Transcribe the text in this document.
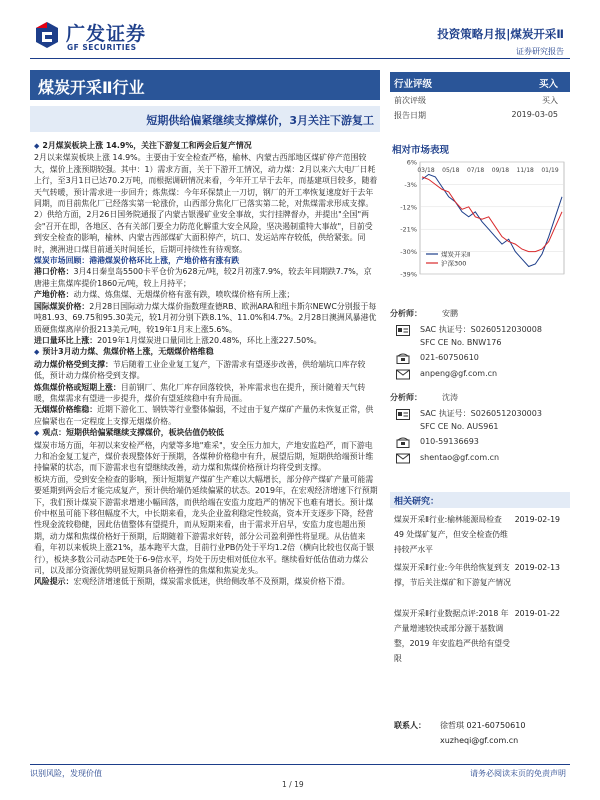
广发证券
GF SECURITIES
投资策略月报|煤炭开采Ⅱ
证券研究报告
煤炭开采Ⅱ行业
短期供给偏紧继续支撑煤价，3月关注下游复工

◆ 2月煤炭板块上涨 14.9%，关注下游复工和两会后复产情况

2月以来煤炭板块上涨 14.9%。主要由于安全检查严格，榆林、内蒙古西部地区煤矿停产范围较大，煤价上涨预期较强。其中：1）需求方面，关于下游开工情况，动力煤：2月以来六大电厂日耗上行，至3月1日已达70.2万吨，而根据调研情况来看，今年开工早于去年，而基建项目较多，随着天气转暖，预计需求进一步回升；炼焦煤：今年环保禁止一刀切，钢厂的开工率恢复速度好于去年同期，而目前焦化厂已经落实第一轮涨价，山西部分焦化厂已落实第二轮，对焦煤需求形成支撑。2）供给方面，2月26日国务院通报了内蒙古银漫矿业安全事故，实行挂牌督办，并提出"全国"两会"召开在即，各地区、各有关部门要全力防范化解重大安全风险，坚决遏制重特大事故"，目前受到安全检查的影响，榆林、内蒙古西部煤矿大面积停产，坑口、发运站库存较低，供给紧张。同时，澳洲进口煤目前通关时间延长，后期可持续性有待观察。

煤炭市场回顾：港港煤炭价格环比上涨，产地价格有涨有跌

港口价格：3月4日秦皇岛5500卡平仓价为628元/吨，较2月初涨7.9%，较去年同期跌7.7%，京唐港主焦煤库提价1860元/吨，较上月持平；

产地价格：动力煤、炼焦煤、无烟煤价格有涨有跌，喷吹煤价格有所上涨；

国际煤炭价格：2月28日国际动力煤大煤价指数理查德RB、欧洲ARA和纽卡斯尔NEWC分别报于每吨81.93、69.75和95.30美元，较1月初分别下跌8.1%、11.0%和4.7%。2月28日澳洲风暴港优质硬焦煤离岸价报213美元/吨，较19年1月末上涨5.6%。

进口量环比上涨：2019年1月煤炭进口量同比上涨20.48%，环比上涨227.50%。

◆ 预计3月动力煤、焦煤价格上涨，无烟煤价格维稳

动力煤价格受到支撑：节后随着工业企业复工复产，下游需求有望逐步改善，供给端坑口库存较低，预计动力煤价格受到支撑。

炼焦煤价格或短期上涨：目前钢厂、焦化厂库存回落较快，补库需求也在提升，预计随着天气转暖，焦煤需求有望进一步提升，煤价有望延续稳中有升局面。

无烟煤价格维稳：近期下游化工、钢铁等行业整体偏弱，不过由于复产煤矿产量仍未恢复正常，供应偏紧也在一定程度上支撑无烟煤价格。

◆ 观点：短期供给偏紧继续支撑煤价，板块估值仍较低

煤炭市场方面，年初以来安检严格，内蒙等多地"难采"，安全压力加大，产地安监趋严，而下游电力和冶金复工复产，煤价表现整体好于预期，各煤种价格稳中有升，展望后期，短期供给端预计维持偏紧的状态，而下游需求也有望继续改善，动力煤和焦煤价格预计均将受到支撑。

板块方面，受到安全检查的影响，预计短期复产煤矿生产难以大幅增长，部分停产煤矿产量可能需要延期到两会后才能完成复产，预计供给端仍延续偏紧的状态。2019年，在宏观经济增速下行预期下，我们预计煤炭下游需求增速小幅回落，而供给端在安监力度趋严的情况下也难有增长。预计煤价中枢虽可能下移但幅度不大，中长期来看，龙头企业盈利稳定性较高，资本开支逐步下降，经营性现金流较稳健，因此估值整体有望提升，而从短期来看，由于需求开启早，安监力度也超出预期，动力煤和焦煤价格好于预期，后期随着下游需求好转，部分公司盈利弹性将显现。从估值来看，年初以来板块上涨21%，基本跑平大盘，目前行业PB仍处于平均1.2倍（横向比较也仅高于银行），板块多数公司动态PE处于6-9倍水平，均处于历史相对低位水平。继续看好低估值动力煤公司，以及部分资源优势明显短期具备价格弹性的焦煤和焦炭龙头。

风险提示：宏观经济增速低于预期，煤炭需求低迷，供给侧改革不及预期，煤炭价格下滑。

行业评级	买入
前次评级	买入
报告日期	2019-03-05
相对市场表现
6%
-3%
-12%
-21%
-30%
-39%
03/18 05/18 07/18 09/18 11/18 01/19
煤炭开采Ⅱ
沪深300
分析师：	安鹏
SAC 执证号：S0260512030008
SFC CE No. BNW176
021-60750610
anpeng@gf.com.cn
分析师：	沈涛
SAC 执证号：S0260512030003
SFC CE No. AUS961
010-59136693
shentao@gf.com.cn
相关研究：
煤炭开采Ⅱ行业:榆林能源局检查 49 处煤矿复产，但安全检查仍维持较严水平
2019-02-19
煤炭开采Ⅱ行业:今年供给恢复到支撑，节后关注煤矿和下游复产情况
2019-02-13
煤炭开采Ⅱ行业数据点评:2018 年产量增速较快或部分源于基数调整，2019 年安监趋严供给有望受限
2019-01-22
联系人： 徐哲琪 021-60750610
xuzheqi@gf.com.cn
识别风险，发现价值
1 / 19
请务必阅读末页的免责声明
